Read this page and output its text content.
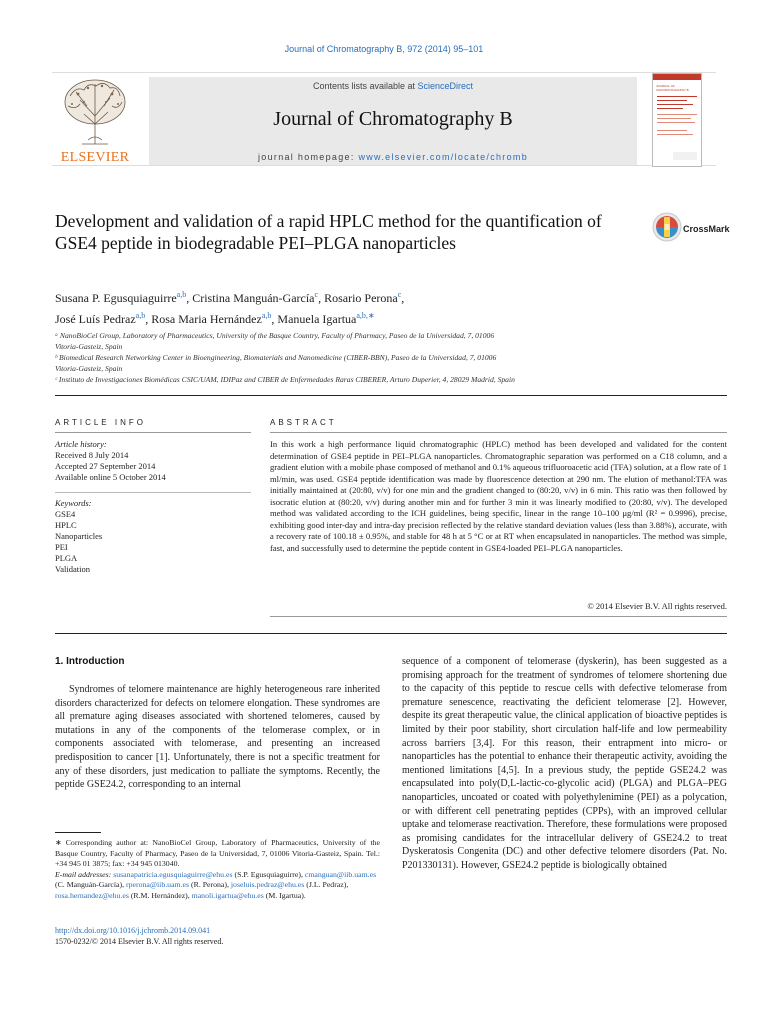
Journal of Chromatography B, 972 (2014) 95–101
ELSEVIER
Contents lists available at ScienceDirect
Journal of Chromatography B
journal homepage: www.elsevier.com/locate/chromb
JOURNAL OF CHROMATOGRAPHY B
Development and validation of a rapid HPLC method for the quantification of GSE4 peptide in biodegradable PEI–PLGA nanoparticles
CrossMark
Susana P. Egusquiaguirre$^{a,b}$, Cristina Manguán-García$^c$, Rosario Perona$^c$,
José Luís Pedraz$^{a,b}$, Rosa Maria Hernández$^{a,b}$, Manuela Igartua$^{a,b,∗}$

ᵃ NanoBioCel Group, Laboratory of Pharmaceutics, University of the Basque Country, Faculty of Pharmacy, Paseo de la Universidad, 7, 01006

Vitoria-Gasteiz, Spain

ᵇ Biomedical Research Networking Center in Bioengineering, Biomaterials and Nanomedicine (CIBER-BBN), Paseo de la Universidad, 7, 01006

Vitoria-Gasteiz, Spain

ᶜ Instituto de Investigaciones Biomédicas CSIC/UAM, IDIPaz and CIBER de Enfermedades Raras CIBERER, Arturo Duperier, 4, 28029 Madrid, Spain

ARTICLE INFO	ABSTRACT
Article history:
Received 8 July 2014
Accepted 27 September 2014
Available online 5 October 2014
Keywords:
GSE4
HPLC
Nanoparticles
PEI
PLGA
Validation
In this work a high performance liquid chromatographic (HPLC) method has been developed and validated for the content determination of GSE4 peptide in PEI–PLGA nanoparticles. Chromatographic separation was performed on a C18 column, and a gradient elution with a mobile phase composed of methanol and 0.1% aqueous trifluoroacetic acid (TFA) solution, at a flow rate of 1 ml/min, was used. GSE4 peptide identification was made by fluorescence detection at 290 nm. The elution of methanol:TFA was initially maintained at (20:80, v/v) for one min and the gradient changed to (80:20, v/v) in 6 min. This ratio was then followed by isocratic elution at (80:20, v/v) during another min and for further 3 min it was linearly modified to (20:80, v/v). The developed method was validated according to the ICH guidelines, being specific, linear in the range 10–100 μg/ml (R² = 0.9996), precise, exhibiting good inter-day and intra-day precision reflected by the relative standard deviation values (less than 3.88%), accurate, with a recovery rate of 100.18 ± 0.95%, and stable for 48 h at 5 °C or at RT when encapsulated in nanoparticles. The method was simple, fast, and successfully used to determine the peptide content in GSE4-loaded PEI–PLGA nanoparticles.
© 2014 Elsevier B.V. All rights reserved.
1. Introduction
Syndromes of telomere maintenance are highly heterogeneous rare inherited disorders characterized for defects on telomere elongation. These syndromes are all premature aging diseases associated with shortened telomeres, caused by mutations in any of the components of the telomerase complex, or in components associated with telomerase, and presenting an increased predisposition to cancer [1]. Unfortunately, there is not a specific treatment for any of these disorders, just medication to palliate the symptoms. Recently, the peptide GSE24.2, corresponding to an internal
sequence of a component of telomerase (dyskerin), has been suggested as a promising approach for the treatment of syndromes of telomere shortening due to the capacity of this peptide to rescue cells with defective telomerase from premature senescence, reactivating the deficient telomerase [2]. However, despite its great therapeutic value, the clinical application of bioactive peptides is limited by their poor stability, short circulation half-life and low permeability across barriers [3,4]. For this reason, their entrapment into micro- or nanoparticles has the potential to enhance their therapeutic activity, avoiding the mentioned limitations [4,5]. In a previous study, the peptide GSE24.2 was encapsulated into poly(D,L-lactic-co-glycolic acid) (PLGA) and PLGA–PEG nanoparticles, uncoated or coated with polyethylenimine (PEI) as a polycation, or with different cell penetrating peptides (CPPs), with an improved cellular uptake and telomerase reactivation. Therefore, these formulations were proposed as promising candidates for the intracellular delivery of GSE24.2 to treat Dyskeratosis Congenita (DC) and other defective telomere disorders (Pat. No. P201330131). However, GSE24.2 peptide is biologically obtained
∗ Corresponding author at: NanoBioCel Group, Laboratory of Pharmaceutics, University of the Basque Country, Faculty of Pharmacy, Paseo de la Universidad, 7, 01006 Vitoria-Gasteiz, Spain. Tel.: +34 945 01 3875; fax: +34 945 013040.
E-mail addresses: susanapatricia.egusquiaguirre@ehu.es (S.P. Egusquiaguirre), cmanguan@iib.uam.es (C. Manguán-García), rperona@iib.uam.es (R. Perona), joseluis.pedraz@ehu.es (J.L. Pedraz), rosa.hernandez@ehu.es (R.M. Hernández), manoli.igartua@ehu.es (M. Igartua).
http://dx.doi.org/10.1016/j.jchromb.2014.09.041
1570-0232/© 2014 Elsevier B.V. All rights reserved.
